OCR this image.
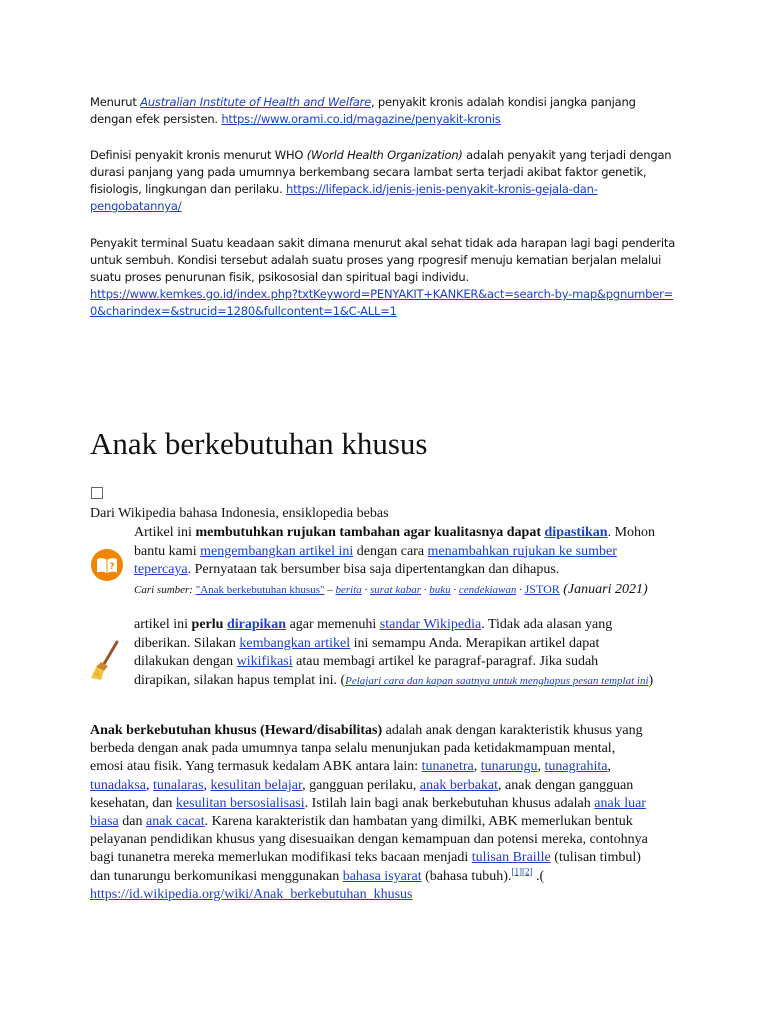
Menurut Australian Institute of Health and Welfare, penyakit kronis adalah kondisi jangka panjang dengan efek persisten. https://www.orami.co.id/magazine/penyakit-kronis
Definisi penyakit kronis menurut WHO (World Health Organization) adalah penyakit yang terjadi dengan durasi panjang yang pada umumnya berkembang secara lambat serta terjadi akibat faktor genetik, fisiologis, lingkungan dan perilaku. https://lifepack.id/jenis-jenis-penyakit-kronis-gejala-dan-pengobatannya/
Penyakit terminal Suatu keadaan sakit dimana menurut akal sehat tidak ada harapan lagi bagi penderita untuk sembuh. Kondisi tersebut adalah suatu proses yang rpogresif menuju kematian berjalan melalui suatu proses penurunan fisik, psikososial dan spiritual bagi individu.
https://www.kemkes.go.id/index.php?txtKeyword=PENYAKIT+KANKER&act=search-by-map&pgnumber=0&charindex=&strucid=1280&fullcontent=1&C-ALL=1
Anak berkebutuhan khusus
Dari Wikipedia bahasa Indonesia, ensiklopedia bebas
?
Artikel ini membutuhkan rujukan tambahan agar kualitasnya dapat dipastikan. Mohon bantu kami mengembangkan artikel ini dengan cara menambahkan rujukan ke sumber tepercaya. Pernyataan tak bersumber bisa saja dipertentangkan dan dihapus.
Cari sumber: "Anak berkebutuhan khusus" – berita · surat kabar · buku · cendekiawan · JSTOR (Januari 2021)
artikel ini perlu dirapikan agar memenuhi standar Wikipedia. Tidak ada alasan yang diberikan. Silakan kembangkan artikel ini semampu Anda. Merapikan artikel dapat dilakukan dengan wikifikasi atau membagi artikel ke paragraf-paragraf. Jika sudah dirapikan, silakan hapus templat ini. (Pelajari cara dan kapan saatnya untuk menghapus pesan templat ini)
Anak berkebutuhan khusus (Heward/disabilitas) adalah anak dengan karakteristik khusus yang berbeda dengan anak pada umumnya tanpa selalu menunjukan pada ketidakmampuan mental, emosi atau fisik. Yang termasuk kedalam ABK antara lain: tunanetra, tunarungu, tunagrahita, tunadaksa, tunalaras, kesulitan belajar, gangguan perilaku, anak berbakat, anak dengan gangguan kesehatan, dan kesulitan bersosialisasi. Istilah lain bagi anak berkebutuhan khusus adalah anak luar biasa dan anak cacat. Karena karakteristik dan hambatan yang dimilki, ABK memerlukan bentuk pelayanan pendidikan khusus yang disesuaikan dengan kemampuan dan potensi mereka, contohnya bagi tunanetra mereka memerlukan modifikasi teks bacaan menjadi tulisan Braille (tulisan timbul) dan tunarungu berkomunikasi menggunakan bahasa isyarat (bahasa tubuh).[1][2] .( https://id.wikipedia.org/wiki/Anak_berkebutuhan_khusus
